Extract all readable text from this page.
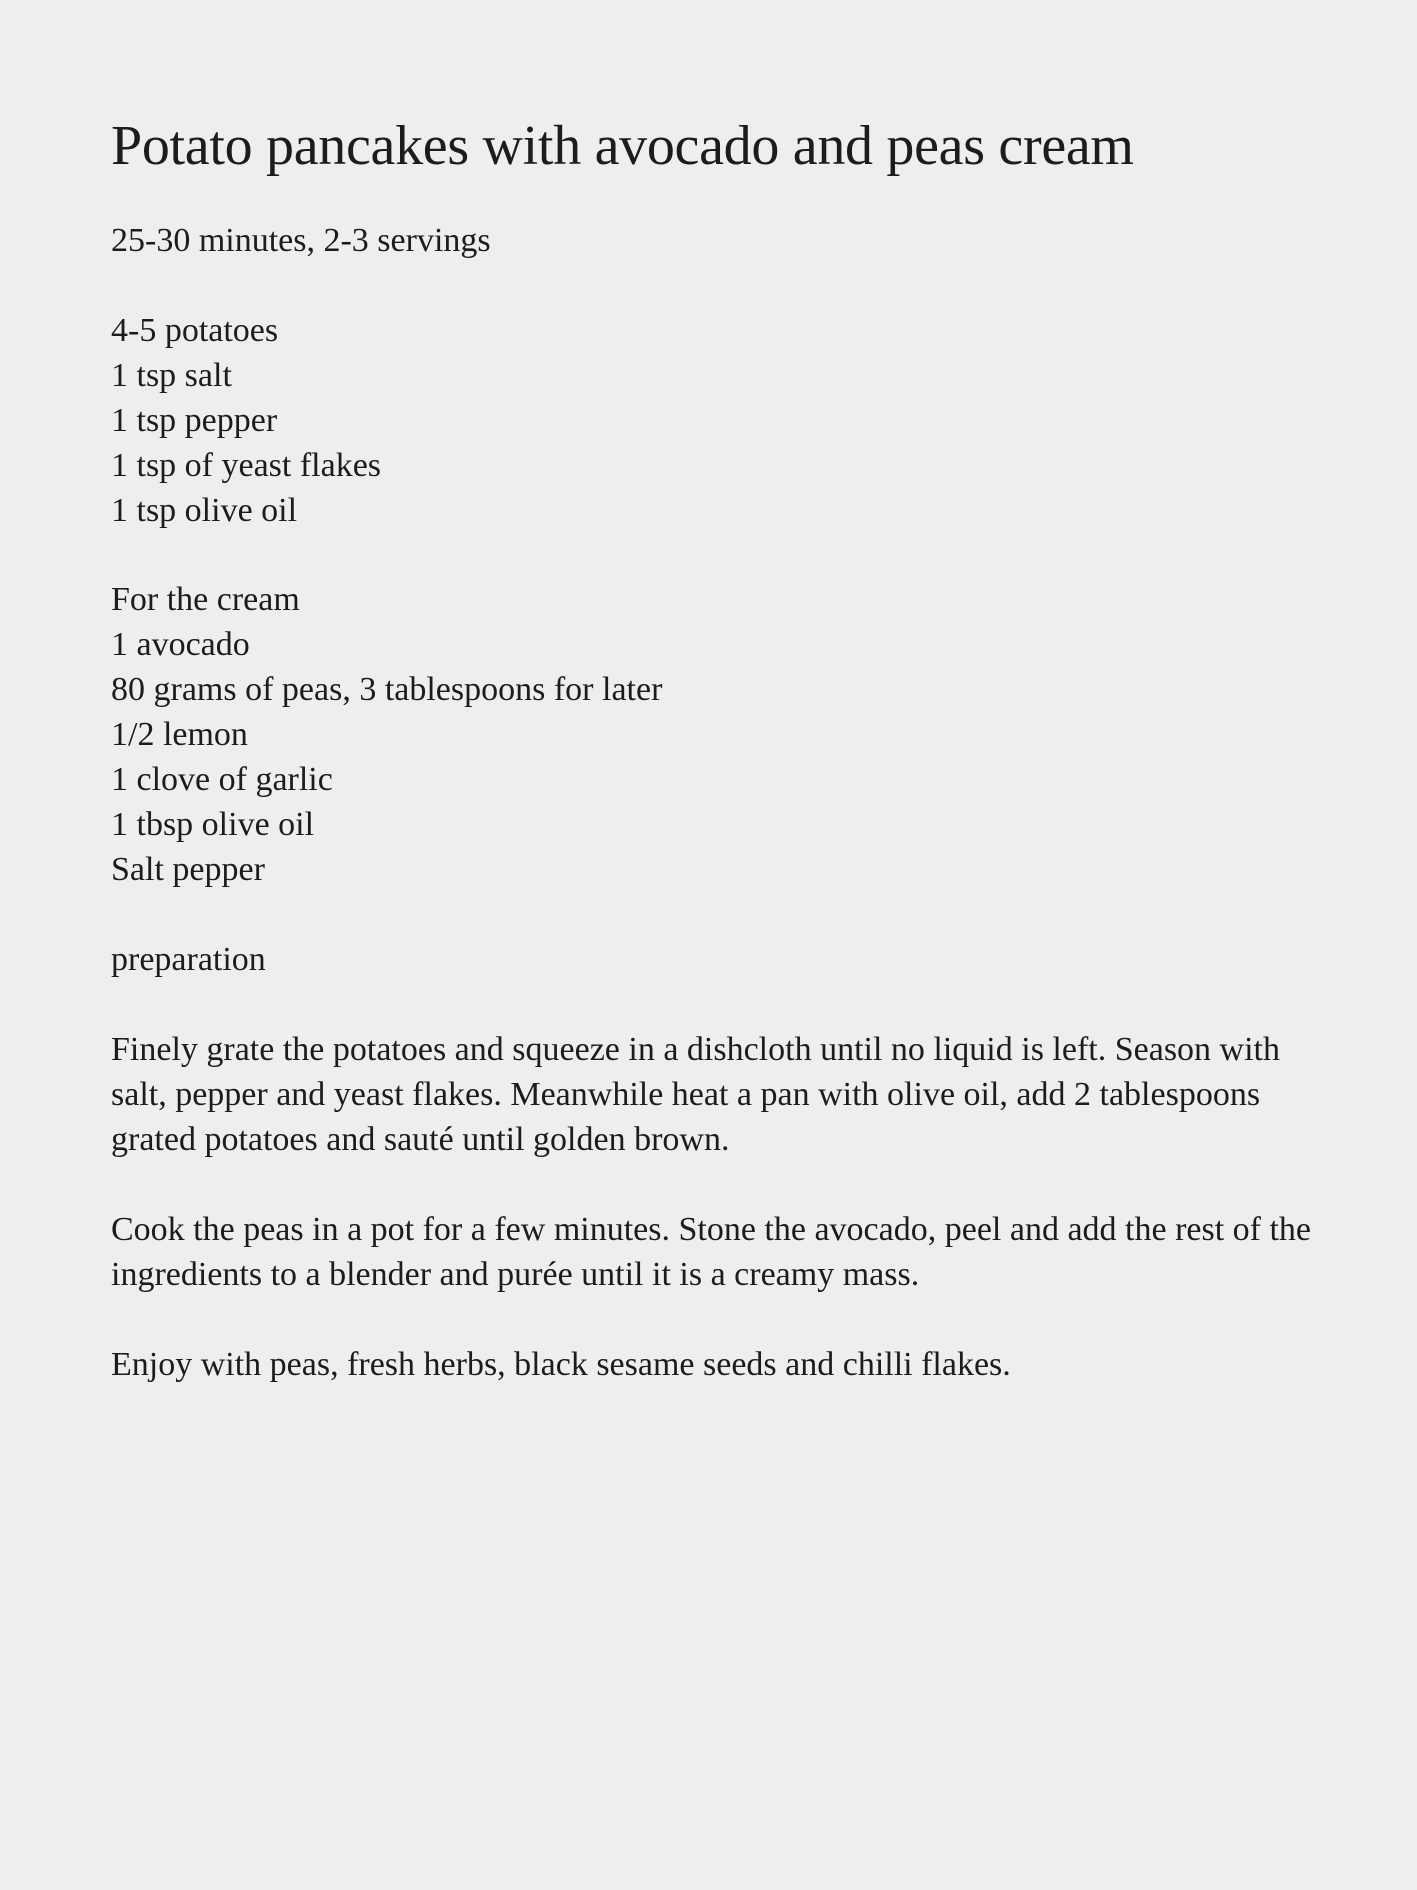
Potato pancakes with avocado and peas cream

25-30 minutes, 2-3 servings

4-5 potatoes
1 tsp salt
1 tsp pepper
1 tsp of yeast flakes
1 tsp olive oil
For the cream
1 avocado
80 grams of peas, 3 tablespoons for later
1/2 lemon
1 clove of garlic
1 tbsp olive oil
Salt pepper

preparation

Finely grate the potatoes and squeeze in a dishcloth until no liquid is left. Season with salt, pepper and yeast flakes. Meanwhile heat a pan with olive oil, add 2 tablespoons grated potatoes and sauté until golden brown.

Cook the peas in a pot for a few minutes. Stone the avocado, peel and add the rest of the ingredients to a blender and purée until it is a creamy mass.

Enjoy with peas, fresh herbs, black sesame seeds and chilli flakes.
